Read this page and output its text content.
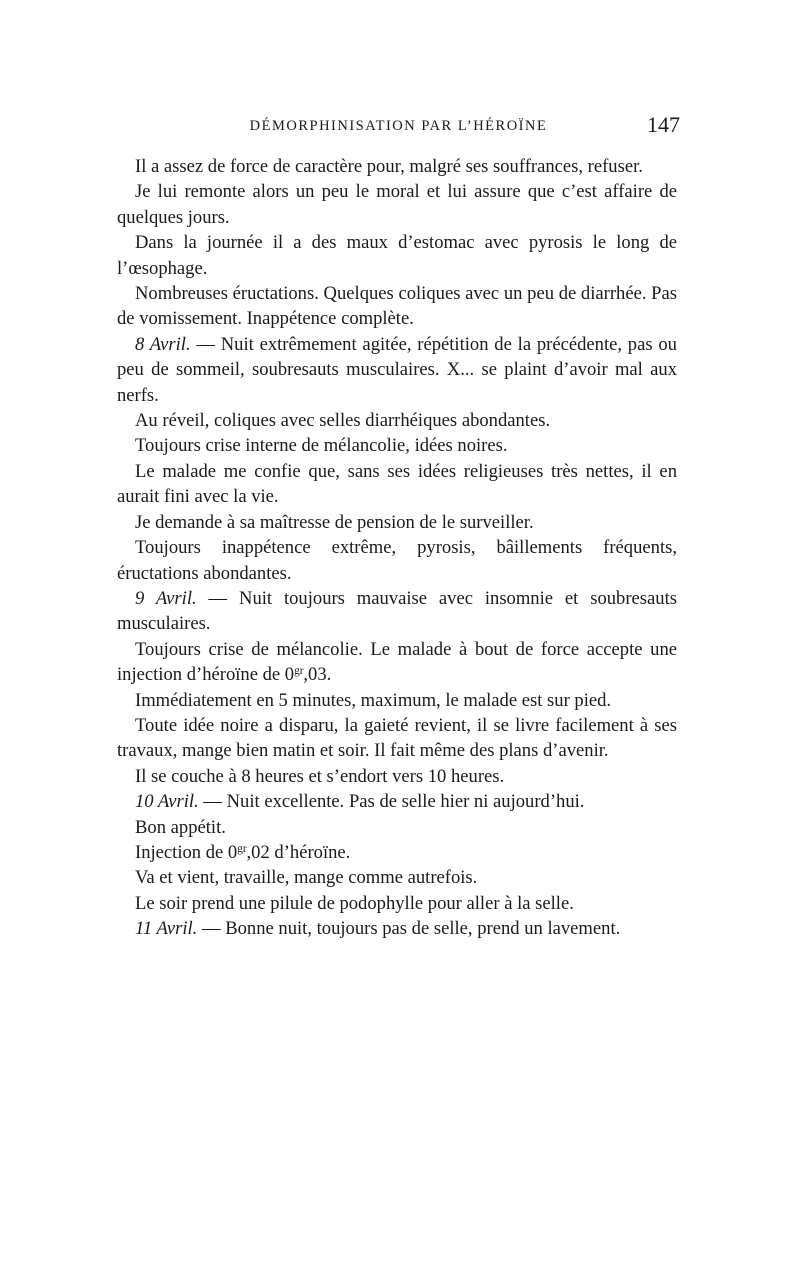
DÉMORPHINISATION PAR L’HÉROÏNE	147

Il a assez de force de caractère pour, malgré ses souffrances, refuser.

Je lui remonte alors un peu le moral et lui assure que c’est affaire de quelques jours.

Dans la journée il a des maux d’estomac avec pyrosis le long de l’œsophage.

Nombreuses éructations. Quelques coliques avec un peu de diarrhée. Pas de vomissement. Inappétence complète.

8 Avril. — Nuit extrêmement agitée, répétition de la précédente, pas ou peu de sommeil, soubresauts musculaires. X... se plaint d’avoir mal aux nerfs.

Au réveil, coliques avec selles diarrhéiques abondantes.

Toujours crise interne de mélancolie, idées noires.

Le malade me confie que, sans ses idées religieuses très nettes, il en aurait fini avec la vie.

Je demande à sa maîtresse de pension de le surveiller.

Toujours inappétence extrême, pyrosis, bâillements fréquents, éructations abondantes.

9 Avril. — Nuit toujours mauvaise avec insomnie et soubresauts musculaires.

Toujours crise de mélancolie. Le malade à bout de force accepte une injection d’héroïne de $0^{gr},03$.

Immédiatement en 5 minutes, maximum, le malade est sur pied.

Toute idée noire a disparu, la gaieté revient, il se livre facilement à ses travaux, mange bien matin et soir. Il fait même des plans d’avenir.

Il se couche à 8 heures et s’endort vers 10 heures.

10 Avril. — Nuit excellente. Pas de selle hier ni aujourd’hui.

Bon appétit.

Injection de $0^{gr},02$ d’héroïne.

Va et vient, travaille, mange comme autrefois.

Le soir prend une pilule de podophylle pour aller à la selle.

11 Avril. — Bonne nuit, toujours pas de selle, prend un lavement.
